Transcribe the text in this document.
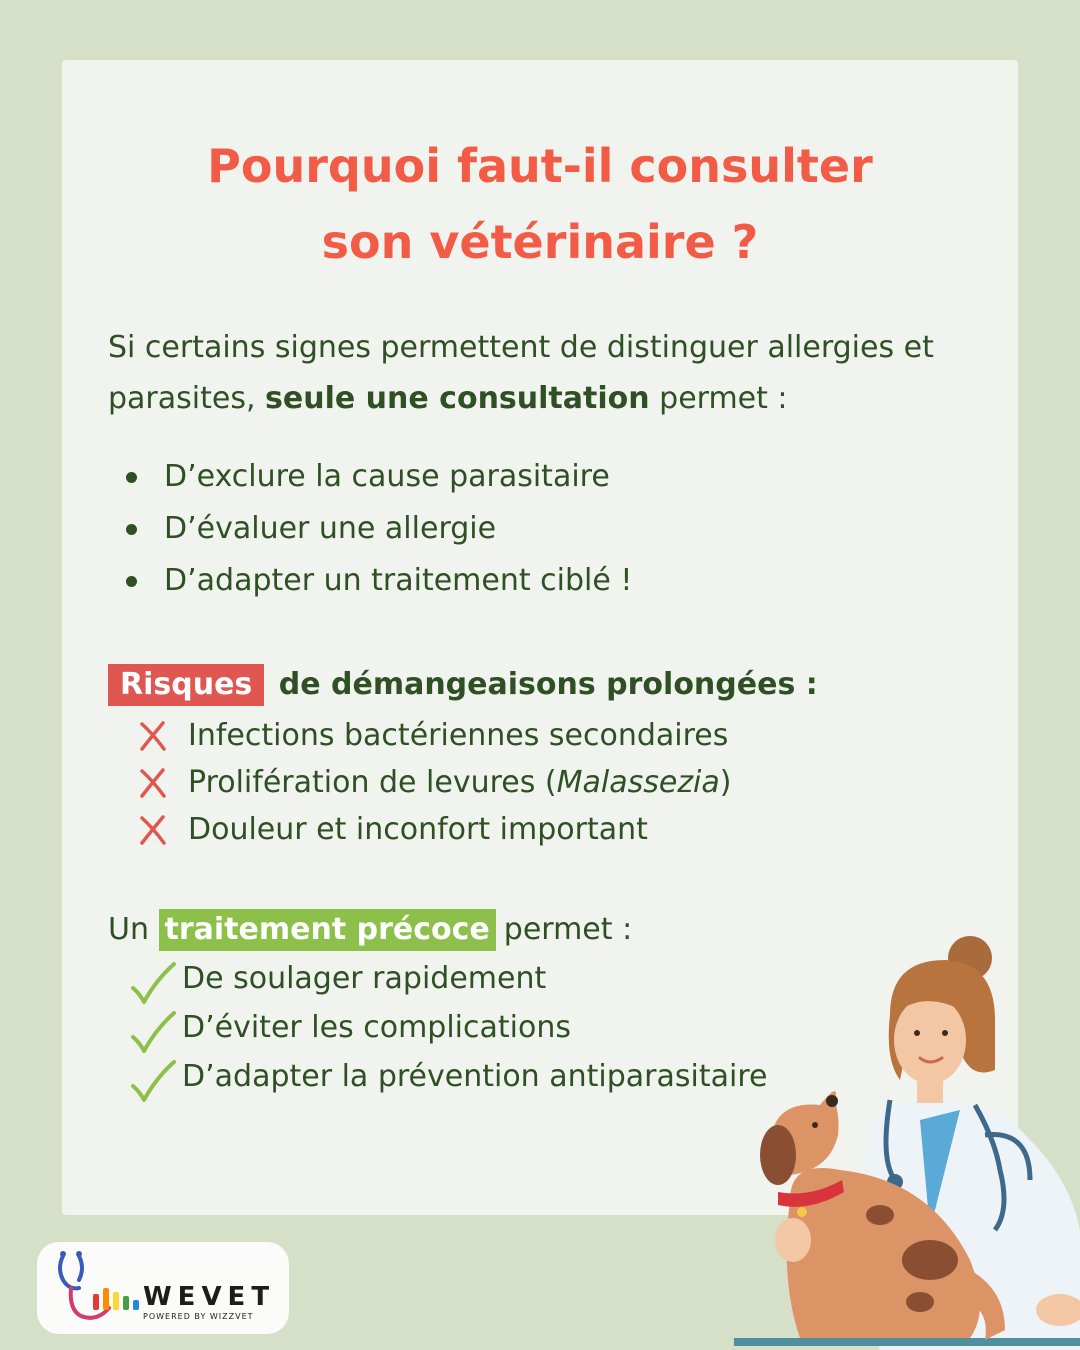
Pourquoi faut-il consulter
son vétérinaire ?

Si certains signes permettent de distinguer allergies et parasites, seule une consultation permet :

D’exclure la cause parasitaire
D’évaluer une allergie
D’adapter un traitement ciblé !
Risques de démangeaisons prolongées :
Infections bactériennes secondaires
Prolifération de levures (Malassezia)
Douleur et inconfort important
Un traitement précoce permet :
De soulager rapidement
D’éviter les complications
D’adapter la prévention antiparasitaire
WEVET
POWERED BY WIZZVET
